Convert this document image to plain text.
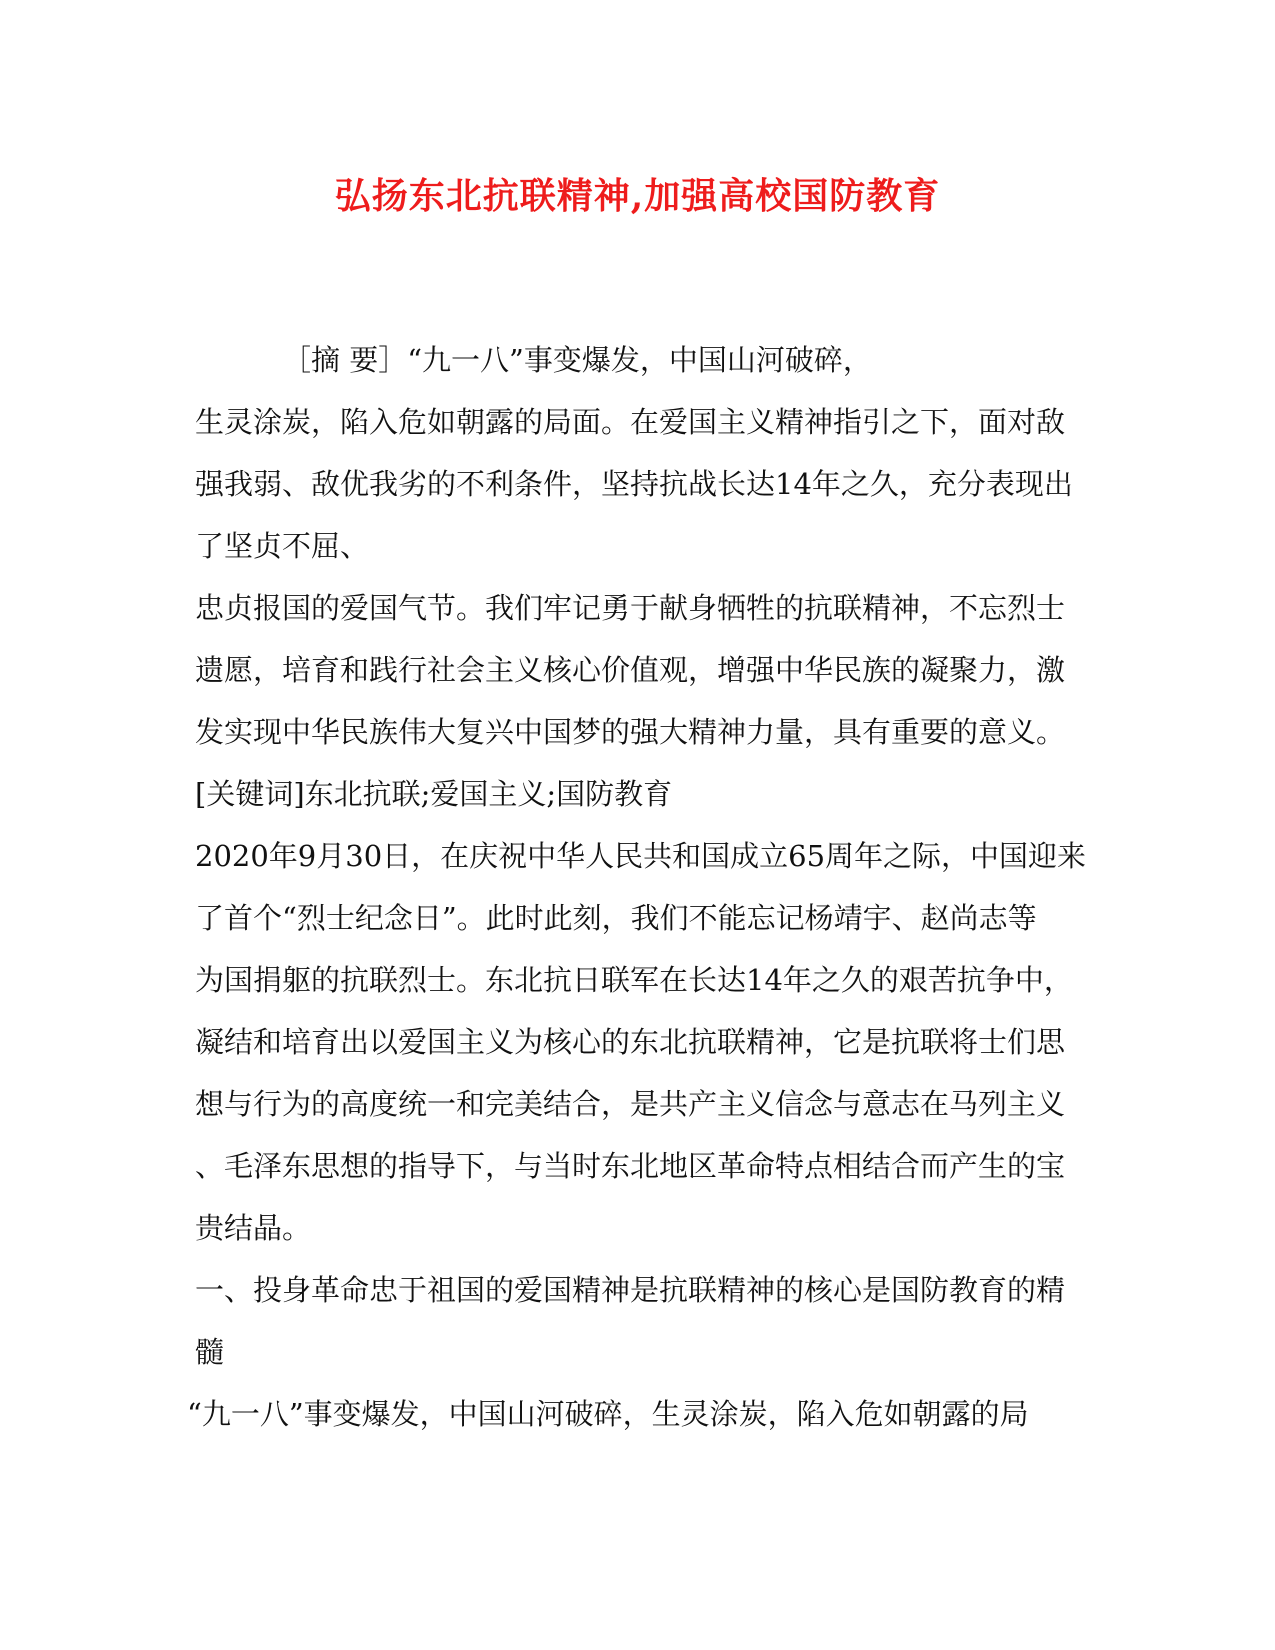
弘扬东北抗联精神,加强高校国防教育

［摘 要］“九一八”事变爆发，中国山河破碎，

生灵涂炭，陷入危如朝露的局面。在爱国主义精神指引之下，面对敌

强我弱、敌优我劣的不利条件，坚持抗战长达14年之久，充分表现出

了坚贞不屈、

忠贞报国的爱国气节。我们牢记勇于献身牺牲的抗联精神，不忘烈士

遗愿，培育和践行社会主义核心价值观，增强中华民族的凝聚力，激

发实现中华民族伟大复兴中国梦的强大精神力量，具有重要的意义。

[关键词]东北抗联;爱国主义;国防教育

2020年9月30日，在庆祝中华人民共和国成立65周年之际，中国迎来

了首个“烈士纪念日”。此时此刻，我们不能忘记杨靖宇、赵尚志等

为国捐躯的抗联烈士。东北抗日联军在长达14年之久的艰苦抗争中，

凝结和培育出以爱国主义为核心的东北抗联精神，它是抗联将士们思

想与行为的高度统一和完美结合，是共产主义信念与意志在马列主义

、毛泽东思想的指导下，与当时东北地区革命特点相结合而产生的宝

贵结晶。

一、投身革命忠于祖国的爱国精神是抗联精神的核心是国防教育的精

髓

“九一八”事变爆发，中国山河破碎，生灵涂炭，陷入危如朝露的局
